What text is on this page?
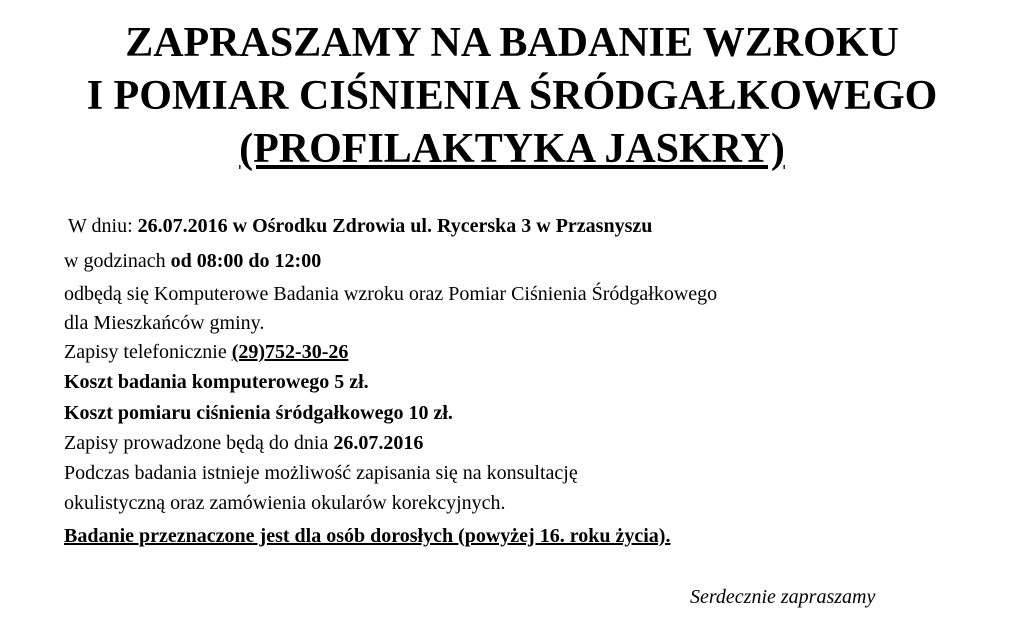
ZAPRASZAMY NA BADANIE WZROKU
I POMIAR CIŚNIENIA ŚRÓDGAŁKOWEGO
(PROFILAKTYKA JASKRY)

W dniu: 26.07.2016 w Ośrodku Zdrowia ul. Rycerska 3 w Przasnyszu

w godzinach od 08:00 do 12:00

odbędą się Komputerowe Badania wzroku oraz Pomiar Ciśnienia Śródgałkowego

dla Mieszkańców gminy.

Zapisy telefonicznie (29)752-30-26

Koszt badania komputerowego 5 zł.

Koszt pomiaru ciśnienia śródgałkowego 10 zł.

Zapisy prowadzone będą do dnia 26.07.2016

Podczas badania istnieje możliwość zapisania się na konsultację

okulistyczną oraz zamówienia okularów korekcyjnych.

Badanie przeznaczone jest dla osób dorosłych (powyżej 16. roku życia).

Serdecznie zapraszamy
